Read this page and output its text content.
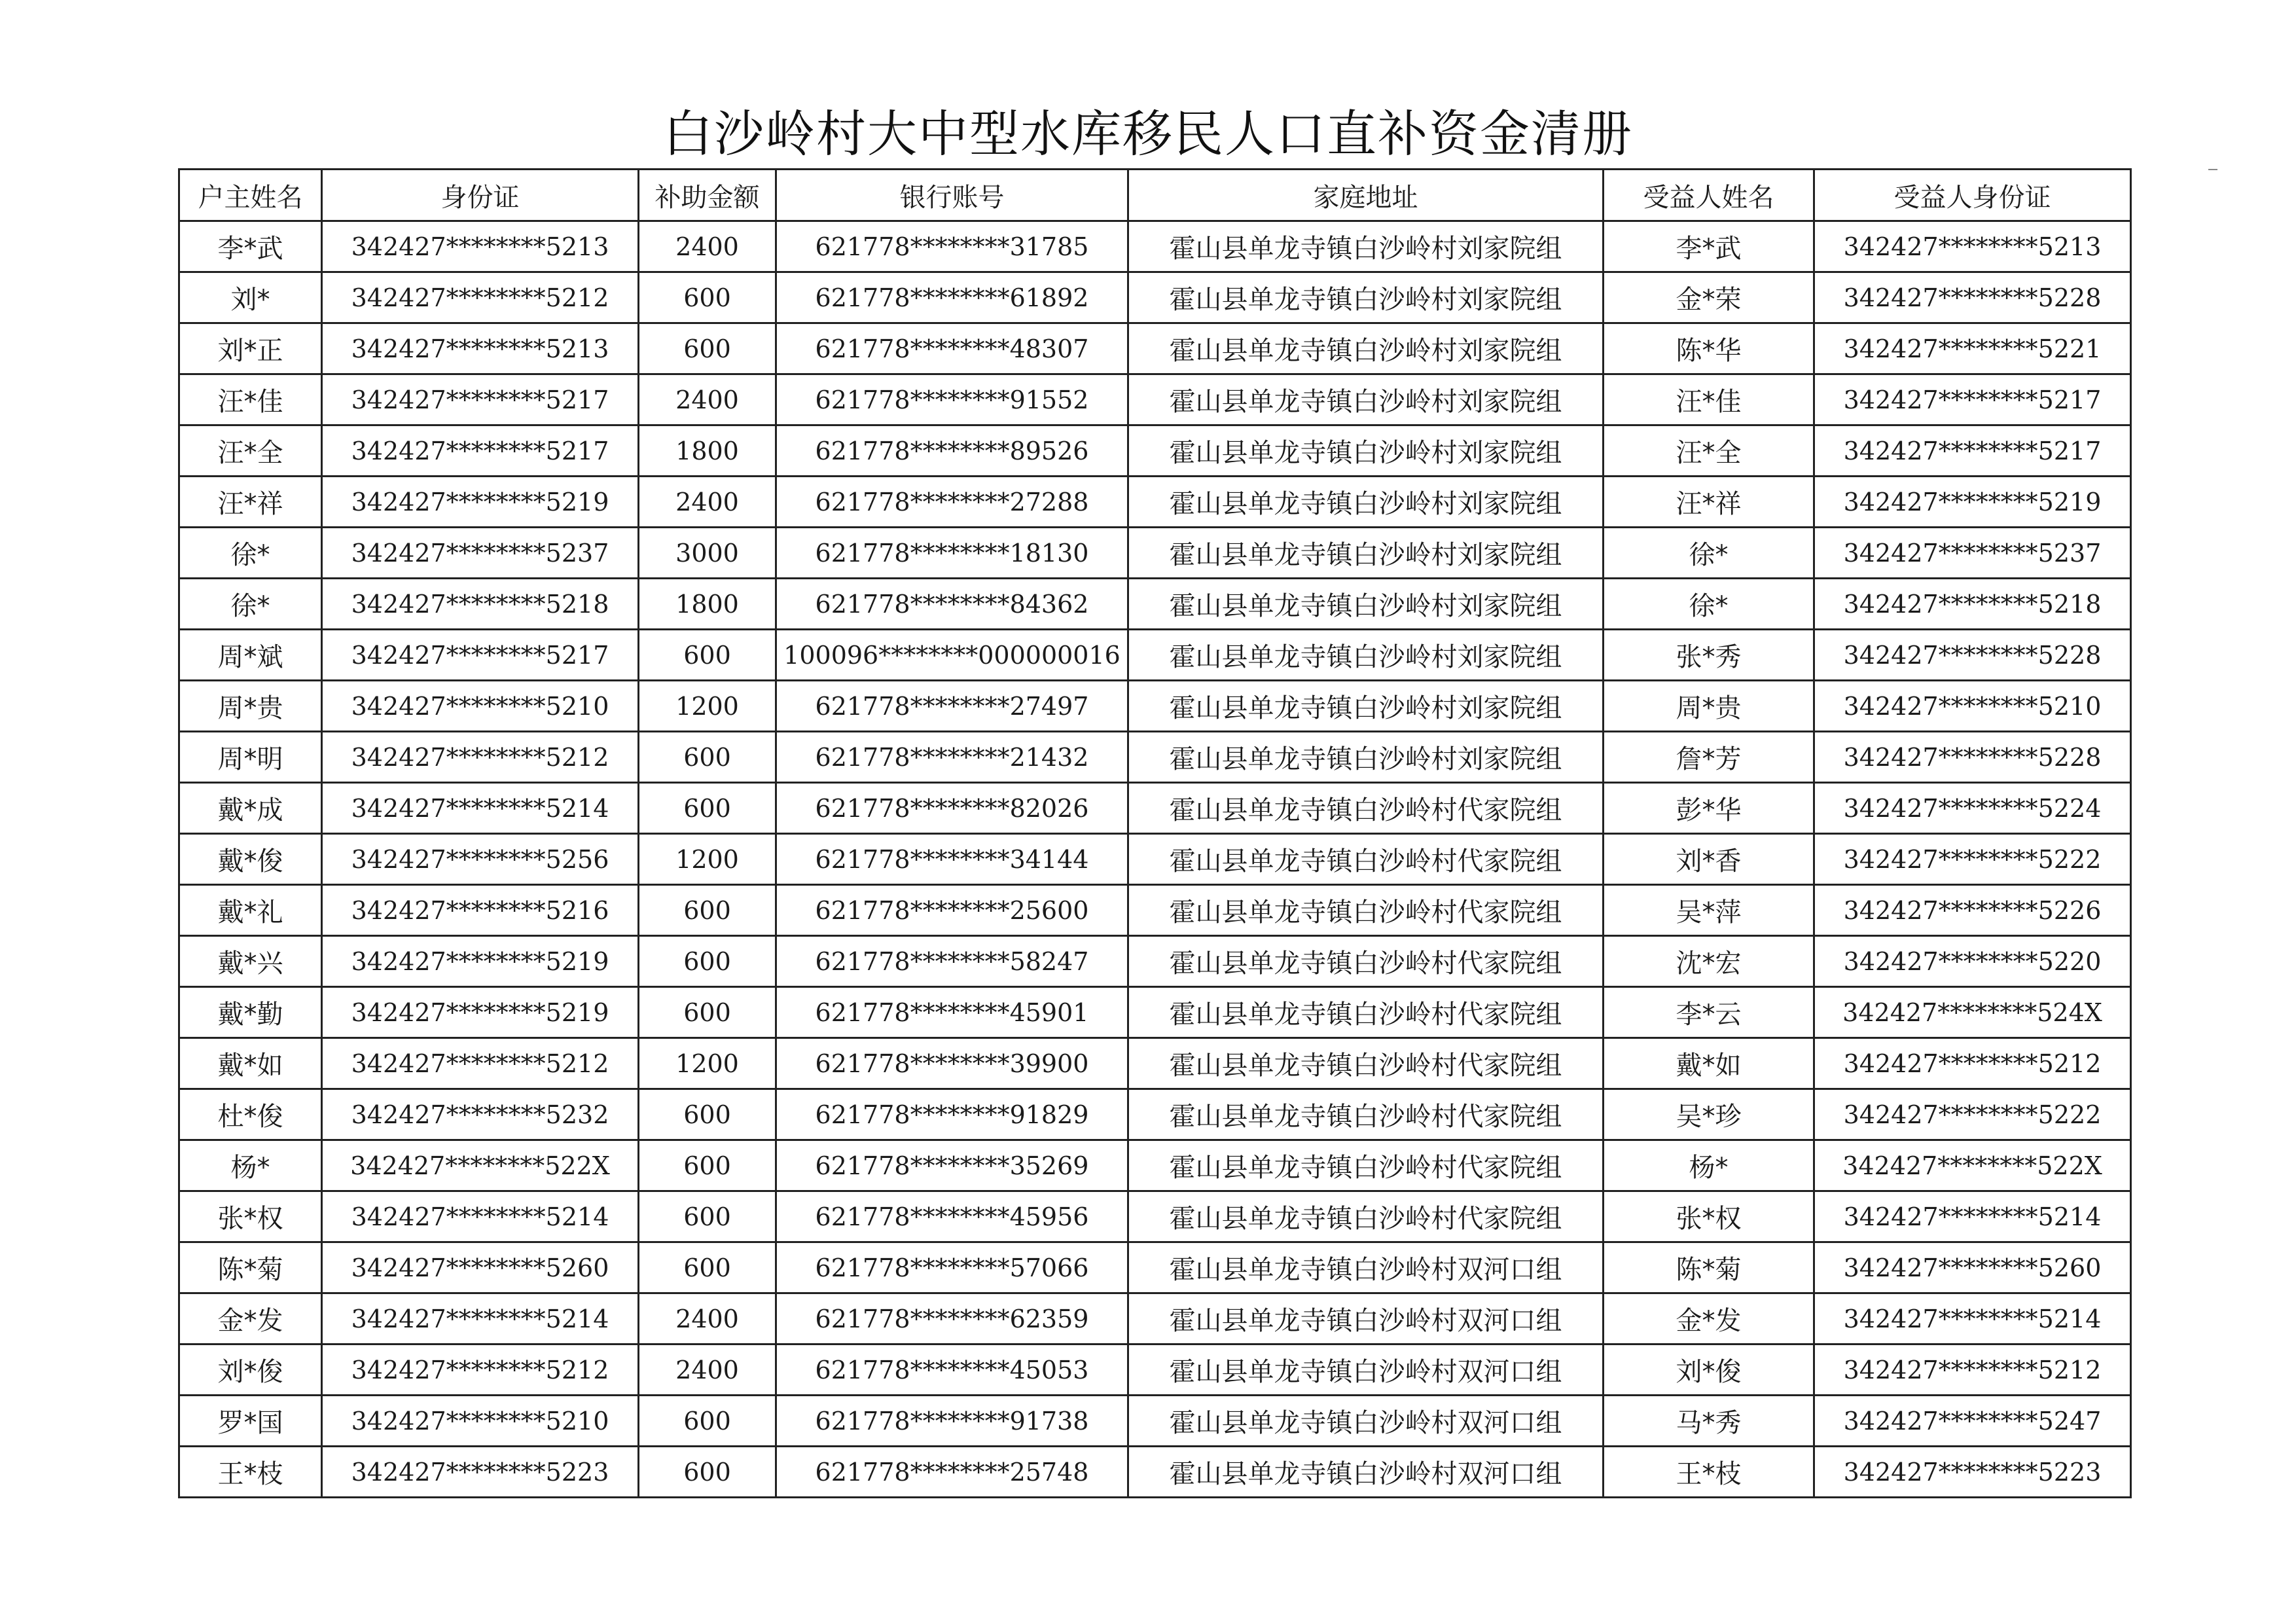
白沙岭村大中型水库移民人口直补资金清册
户主姓名	身份证	补助金额	银行账号	家庭地址	受益人姓名	受益人身份证
李*武	342427********5213	2400	621778********31785	霍山县单龙寺镇白沙岭村刘家院组	李*武	342427********5213
刘*	342427********5212	600	621778********61892	霍山县单龙寺镇白沙岭村刘家院组	金*荣	342427********5228
刘*正	342427********5213	600	621778********48307	霍山县单龙寺镇白沙岭村刘家院组	陈*华	342427********5221
汪*佳	342427********5217	2400	621778********91552	霍山县单龙寺镇白沙岭村刘家院组	汪*佳	342427********5217
汪*全	342427********5217	1800	621778********89526	霍山县单龙寺镇白沙岭村刘家院组	汪*全	342427********5217
汪*祥	342427********5219	2400	621778********27288	霍山县单龙寺镇白沙岭村刘家院组	汪*祥	342427********5219
徐*	342427********5237	3000	621778********18130	霍山县单龙寺镇白沙岭村刘家院组	徐*	342427********5237
徐*	342427********5218	1800	621778********84362	霍山县单龙寺镇白沙岭村刘家院组	徐*	342427********5218
周*斌	342427********5217	600	100096********000000016	霍山县单龙寺镇白沙岭村刘家院组	张*秀	342427********5228
周*贵	342427********5210	1200	621778********27497	霍山县单龙寺镇白沙岭村刘家院组	周*贵	342427********5210
周*明	342427********5212	600	621778********21432	霍山县单龙寺镇白沙岭村刘家院组	詹*芳	342427********5228
戴*成	342427********5214	600	621778********82026	霍山县单龙寺镇白沙岭村代家院组	彭*华	342427********5224
戴*俊	342427********5256	1200	621778********34144	霍山县单龙寺镇白沙岭村代家院组	刘*香	342427********5222
戴*礼	342427********5216	600	621778********25600	霍山县单龙寺镇白沙岭村代家院组	吴*萍	342427********5226
戴*兴	342427********5219	600	621778********58247	霍山县单龙寺镇白沙岭村代家院组	沈*宏	342427********5220
戴*勤	342427********5219	600	621778********45901	霍山县单龙寺镇白沙岭村代家院组	李*云	342427********524X
戴*如	342427********5212	1200	621778********39900	霍山县单龙寺镇白沙岭村代家院组	戴*如	342427********5212
杜*俊	342427********5232	600	621778********91829	霍山县单龙寺镇白沙岭村代家院组	吴*珍	342427********5222
杨*	342427********522X	600	621778********35269	霍山县单龙寺镇白沙岭村代家院组	杨*	342427********522X
张*权	342427********5214	600	621778********45956	霍山县单龙寺镇白沙岭村代家院组	张*权	342427********5214
陈*菊	342427********5260	600	621778********57066	霍山县单龙寺镇白沙岭村双河口组	陈*菊	342427********5260
金*发	342427********5214	2400	621778********62359	霍山县单龙寺镇白沙岭村双河口组	金*发	342427********5214
刘*俊	342427********5212	2400	621778********45053	霍山县单龙寺镇白沙岭村双河口组	刘*俊	342427********5212
罗*国	342427********5210	600	621778********91738	霍山县单龙寺镇白沙岭村双河口组	马*秀	342427********5247
王*枝	342427********5223	600	621778********25748	霍山县单龙寺镇白沙岭村双河口组	王*枝	342427********5223
